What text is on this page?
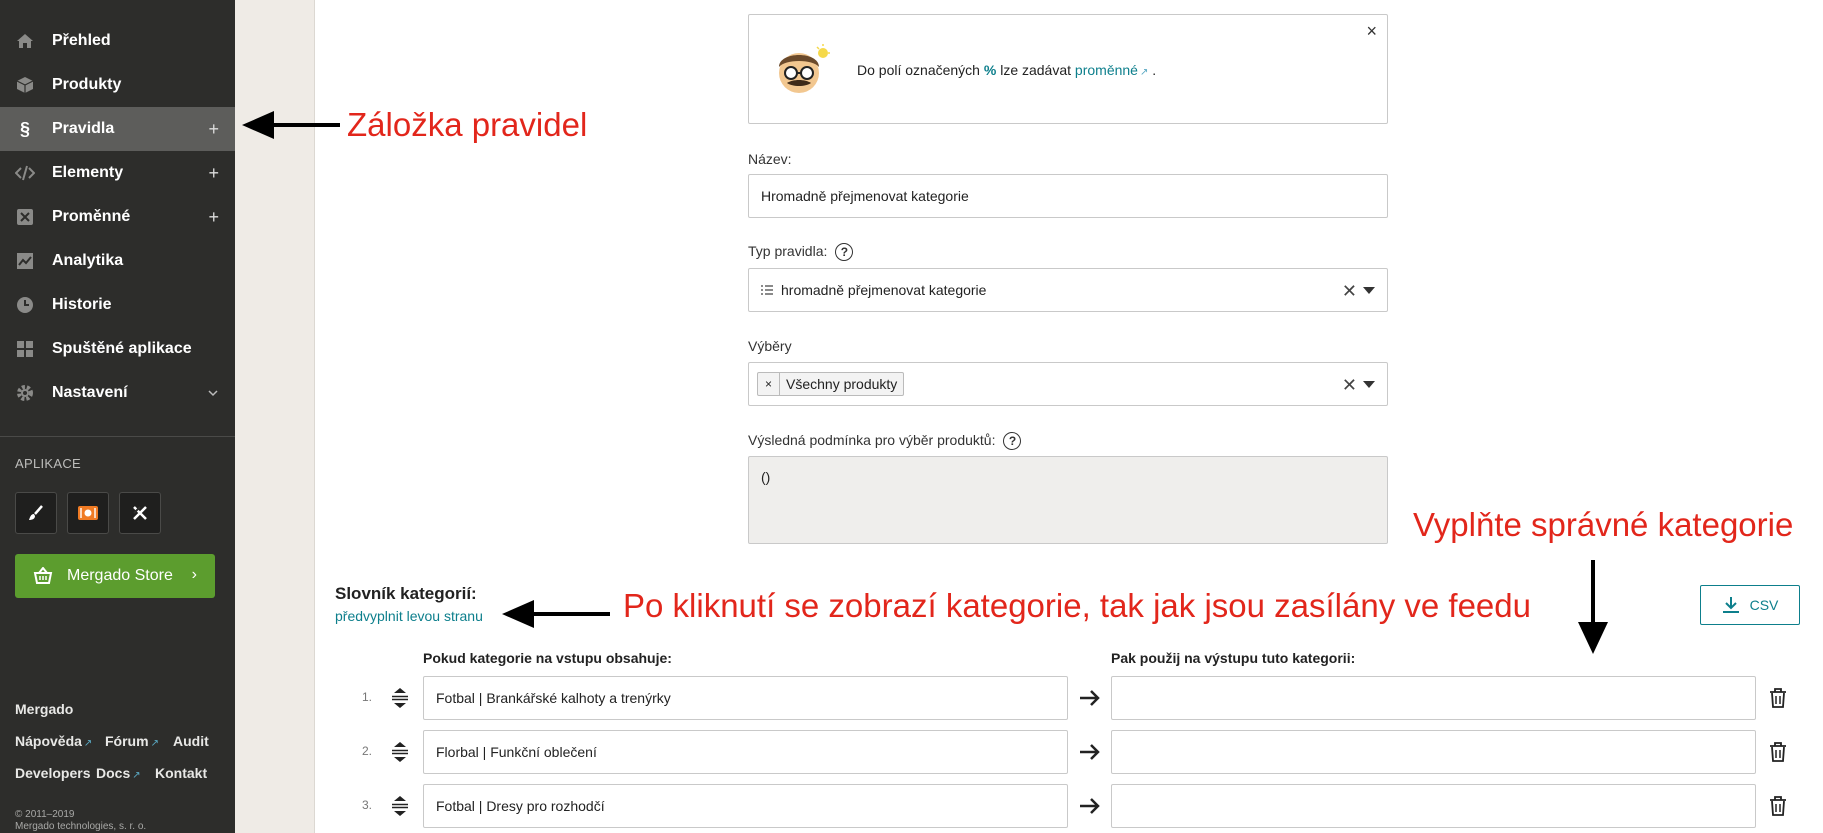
Přehled
Produkty
§	Pravidla	+
Elementy	+
Proměnné	+
Analytika
Historie
Spuštěné aplikace
Nastavení
APLIKACE
Mergado Store ›
Mergado
Nápověda ↗ Fórum ↗ Audit
Developers Docs ↗ Kontakt
© 2011–2019
Mergado technologies, s. r. o.
Do polí označených % lze zadávat proměnné ↗ .
×
Název:
Hromadně přejmenovat kategorie
Typ pravidla: ?
hromadně přejmenovat kategorie	✕
Výběry
×	Všechny produkty	✕
Výsledná podmínka pro výběr produktů: ?
()
Záložka pravidel
Vyplňte správné kategorie
Po kliknutí se zobrazí kategorie, tak jak jsou zasílány ve feedu
Slovník kategorií:
předvyplnit levou stranu
CSV
Pokud kategorie na vstupu obsahuje:	Pak použij na výstupu tuto kategorii:
1.	Fotbal | Brankářské kalhoty a trenýrky
2.	Florbal | Funkční oblečení
3.	Fotbal | Dresy pro rozhodčí
